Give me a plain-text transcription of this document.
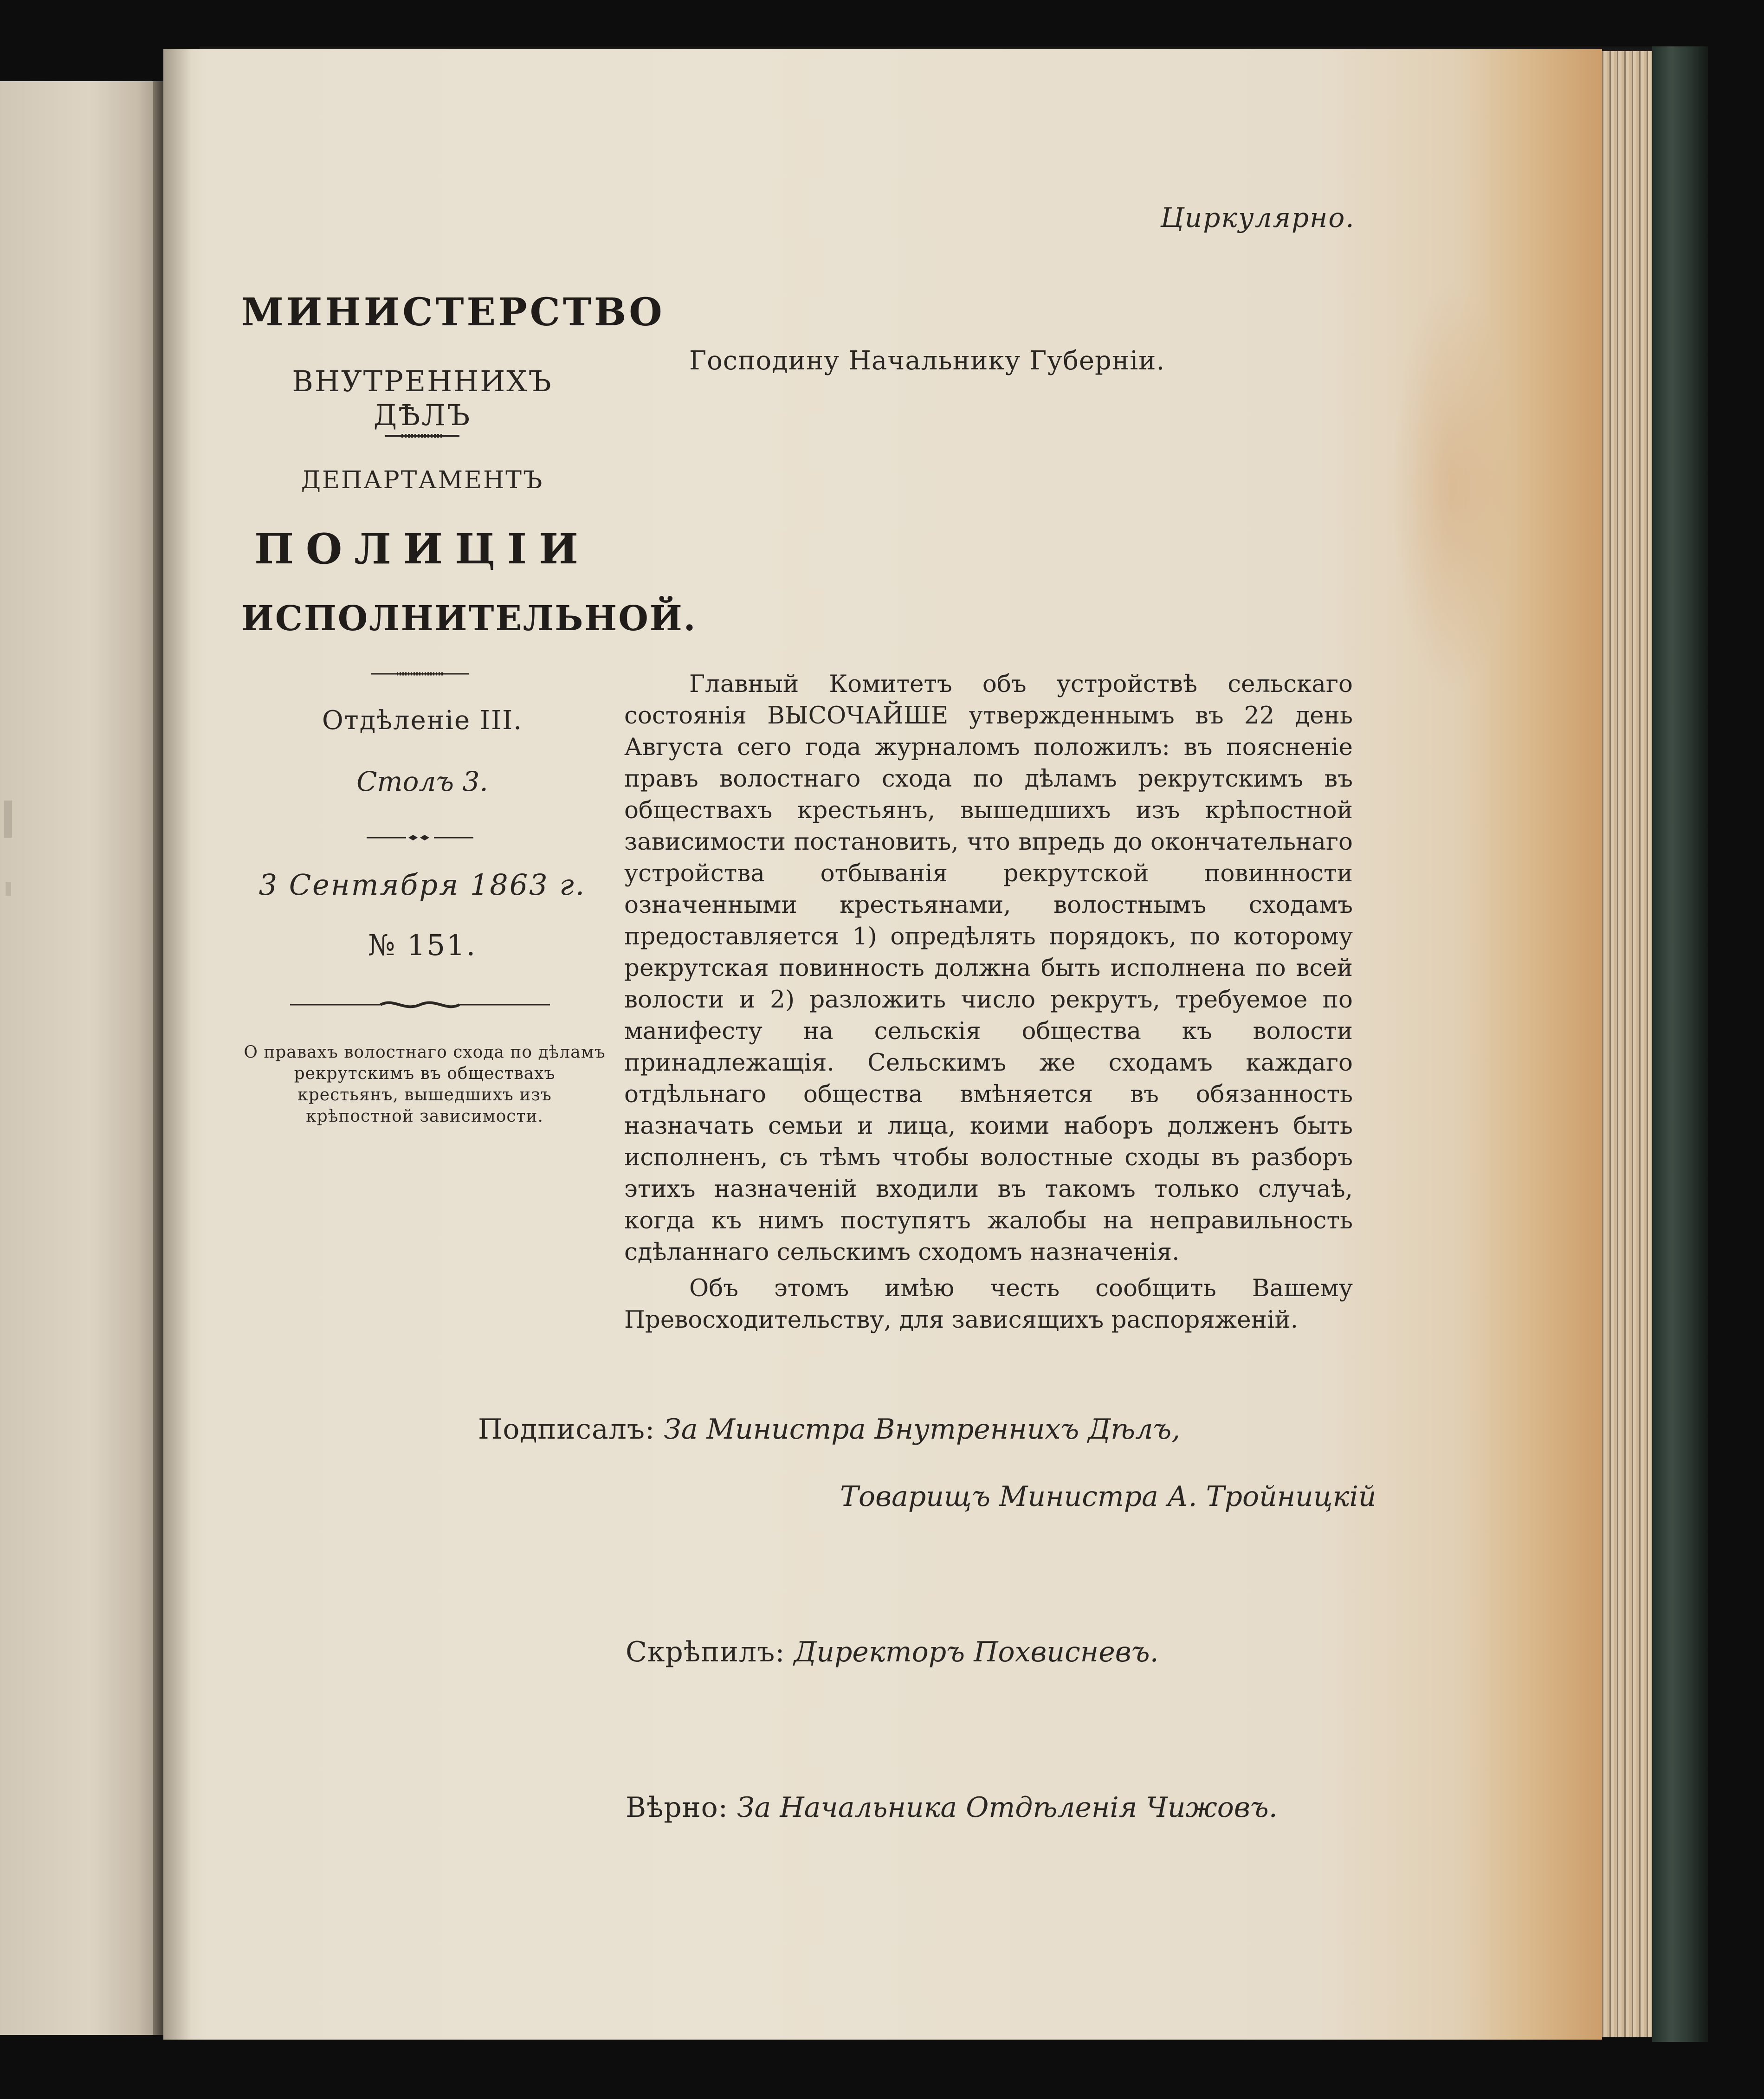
Циркулярно.
МИНИСТЕРСТВО
ВНУТРЕННИХЪ ДѢЛЪ
ДЕПАРТАМЕНТЪ
ПОЛИЦІИ
ИСПОЛНИТЕЛЬНОЙ.
Отдѣленіе III.
Столъ 3.
3 Сентября 1863 г.
№ 151.
О правахъ волостнаго схода по дѣламъ рекрутскимъ въ обществахъ крестьянъ, вышедшихъ изъ крѣпостной зависимости.
Господину Начальнику Губерніи.

Главный Комитетъ объ устройствѣ сельскаго состоянія ВЫСОЧАЙШЕ утвержденнымъ въ 22 день Августа сего года журналомъ положилъ: въ поясненіе правъ волостнаго схода по дѣламъ рекрутскимъ въ обществахъ крестьянъ, вышедшихъ изъ крѣпостной зависимости постановить, что впредь до окончательнаго устройства отбыванія рекрутской повинности означенными крестьянами, волостнымъ сходамъ предоставляется 1) опредѣлять порядокъ, по которому рекрутская повинность должна быть исполнена по всей волости и 2) разложить число рекрутъ, требуемое по манифесту на сельскія общества къ волости принадлежащія. Сельскимъ же сходамъ каждаго отдѣльнаго общества вмѣняется въ обязанность назначать семьи и лица, коими наборъ долженъ быть исполненъ, съ тѣмъ чтобы волостные сходы въ разборъ этихъ назначеній входили въ такомъ только случаѣ, когда къ нимъ поступятъ жалобы на неправильность сдѣланнаго сельскимъ сходомъ назначенія.

Объ этомъ имѣю честь сообщить Вашему Превосходительству, для зависящихъ распоряженій.

Подписалъ: За Министра Внутреннихъ Дѣлъ,
Товарищъ Министра А. Тройницкій
Скрѣпилъ: Директоръ Похвисневъ.
Вѣрно: За Начальника Отдѣленія Чижовъ.
